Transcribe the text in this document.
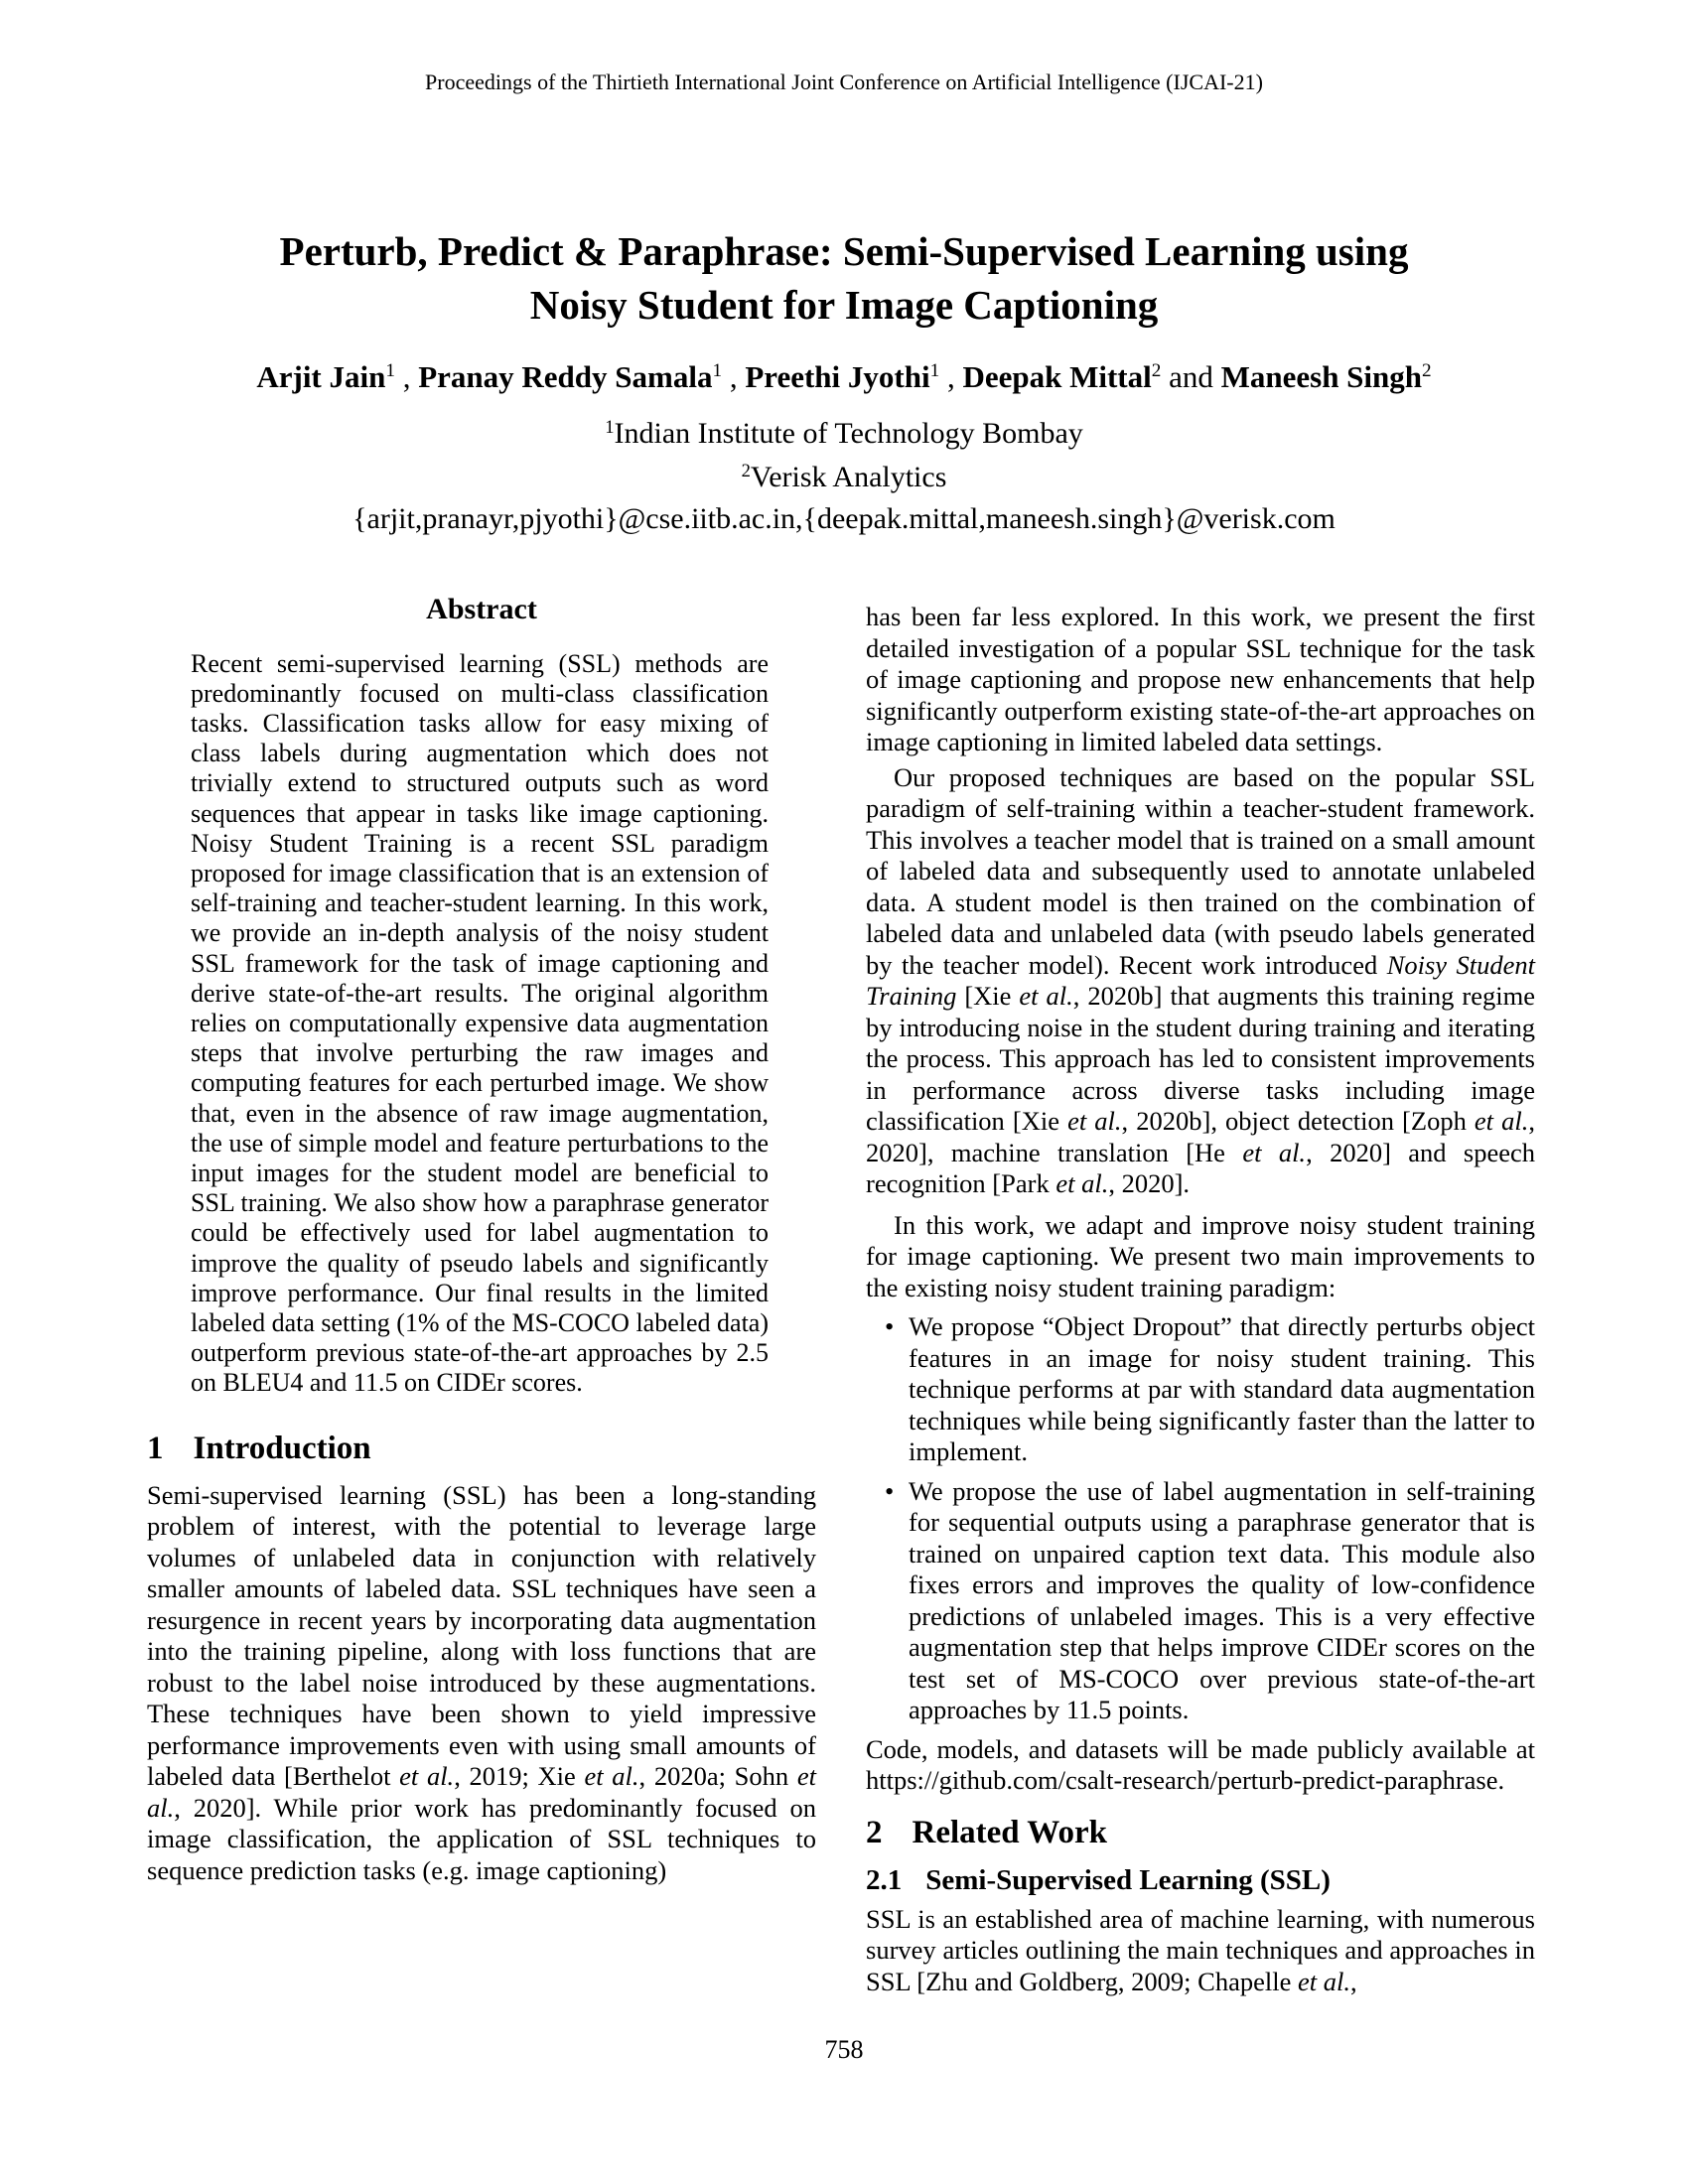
Proceedings of the Thirtieth International Joint Conference on Artificial Intelligence (IJCAI-21)
Perturb, Predict & Paraphrase: Semi-Supervised Learning using
Noisy Student for Image Captioning
Arjit Jain$^1$ , Pranay Reddy Samala$^1$ , Preethi Jyothi$^1$ , Deepak Mittal$^2$ and Maneesh Singh$^2$
$^1$Indian Institute of Technology Bombay
$^2$Verisk Analytics
{arjit,pranayr,pjyothi}@cse.iitb.ac.in,{deepak.mittal,maneesh.singh}@verisk.com
Abstract
Recent semi-supervised learning (SSL) methods are predominantly focused on multi-class classification tasks. Classification tasks allow for easy mixing of class labels during augmentation which does not trivially extend to structured outputs such as word sequences that appear in tasks like image captioning. Noisy Student Training is a recent SSL paradigm proposed for image classification that is an extension of self-training and teacher-student learning. In this work, we provide an in-depth analysis of the noisy student SSL framework for the task of image captioning and derive state-of-the-art results. The original algorithm relies on computationally expensive data augmentation steps that involve perturbing the raw images and computing features for each perturbed image. We show that, even in the absence of raw image augmentation, the use of simple model and feature perturbations to the input images for the student model are beneficial to SSL training. We also show how a paraphrase generator could be effectively used for label augmentation to improve the quality of pseudo labels and significantly improve performance. Our final results in the limited labeled data setting (1% of the MS-COCO labeled data) outperform previous state-of-the-art approaches by 2.5 on BLEU4 and 11.5 on CIDEr scores.
1 Introduction

Semi-supervised learning (SSL) has been a long-standing problem of interest, with the potential to leverage large volumes of unlabeled data in conjunction with relatively smaller amounts of labeled data. SSL techniques have seen a resurgence in recent years by incorporating data augmentation into the training pipeline, along with loss functions that are robust to the label noise introduced by these augmentations. These techniques have been shown to yield impressive performance improvements even with using small amounts of labeled data [Berthelot et al., 2019; Xie et al., 2020a; Sohn et al., 2020]. While prior work has predominantly focused on image classification, the application of SSL techniques to sequence prediction tasks (e.g. image captioning)

has been far less explored. In this work, we present the first detailed investigation of a popular SSL technique for the task of image captioning and propose new enhancements that help significantly outperform existing state-of-the-art approaches on image captioning in limited labeled data settings.

Our proposed techniques are based on the popular SSL paradigm of self-training within a teacher-student framework. This involves a teacher model that is trained on a small amount of labeled data and subsequently used to annotate unlabeled data. A student model is then trained on the combination of labeled data and unlabeled data (with pseudo labels generated by the teacher model). Recent work introduced Noisy Student Training [Xie et al., 2020b] that augments this training regime by introducing noise in the student during training and iterating the process. This approach has led to consistent improvements in performance across diverse tasks including image classification [Xie et al., 2020b], object detection [Zoph et al., 2020], machine translation [He et al., 2020] and speech recognition [Park et al., 2020].

In this work, we adapt and improve noisy student training for image captioning. We present two main improvements to the existing noisy student training paradigm:

• We propose “Object Dropout” that directly perturbs object features in an image for noisy student training. This technique performs at par with standard data augmentation techniques while being significantly faster than the latter to implement.
• We propose the use of label augmentation in self-training for sequential outputs using a paraphrase generator that is trained on unpaired caption text data. This module also fixes errors and improves the quality of low-confidence predictions of unlabeled images. This is a very effective augmentation step that helps improve CIDEr scores on the test set of MS-COCO over previous state-of-the-art approaches by 11.5 points.

Code, models, and datasets will be made publicly available at https://github.com/csalt-research/perturb-predict-paraphrase.

2 Related Work
2.1 Semi-Supervised Learning (SSL)

SSL is an established area of machine learning, with numerous survey articles outlining the main techniques and approaches in SSL [Zhu and Goldberg, 2009; Chapelle et al.,

758
